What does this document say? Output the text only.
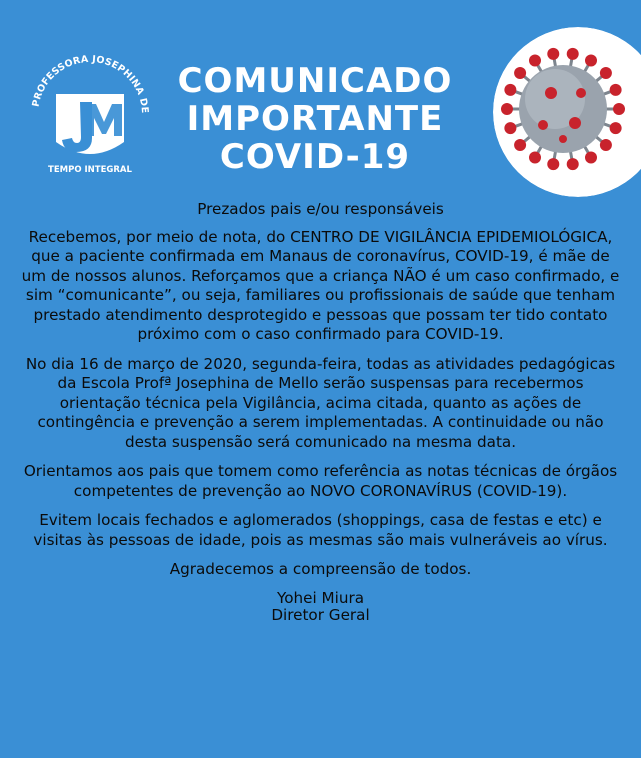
PROFESSORA JOSEPHINA DE
TEMPO INTEGRAL
JM
COMUNICADO
IMPORTANTE
COVID-19

Prezados pais e/ou responsáveis

Recebemos, por meio de nota, do CENTRO DE VIGILÂNCIA EPIDEMIOLÓGICA, que a paciente confirmada em Manaus de coronavírus, COVID-19, é mãe de um de nossos alunos. Reforçamos que a criança NÃO é um caso confirmado, e sim “comunicante”, ou seja, familiares ou profissionais de saúde que tenham prestado atendimento desprotegido e pessoas que possam ter tido contato próximo com o caso confirmado para COVID-19.

No dia 16 de março de 2020, segunda-feira, todas as atividades pedagógicas da Escola Profª Josephina de Mello serão suspensas para recebermos orientação técnica pela Vigilância, acima citada, quanto as ações de contingência e prevenção a serem implementadas. A continuidade ou não desta suspensão será comunicado na mesma data.

Orientamos aos pais que tomem como referência as notas técnicas de órgãos competentes de prevenção ao NOVO CORONAVÍRUS (COVID-19).

Evitem locais fechados e aglomerados (shoppings, casa de festas e etc) e visitas às pessoas de idade, pois as mesmas são mais vulneráveis ao vírus.

Agradecemos a compreensão de todos.

Yohei Miura
Diretor Geral
